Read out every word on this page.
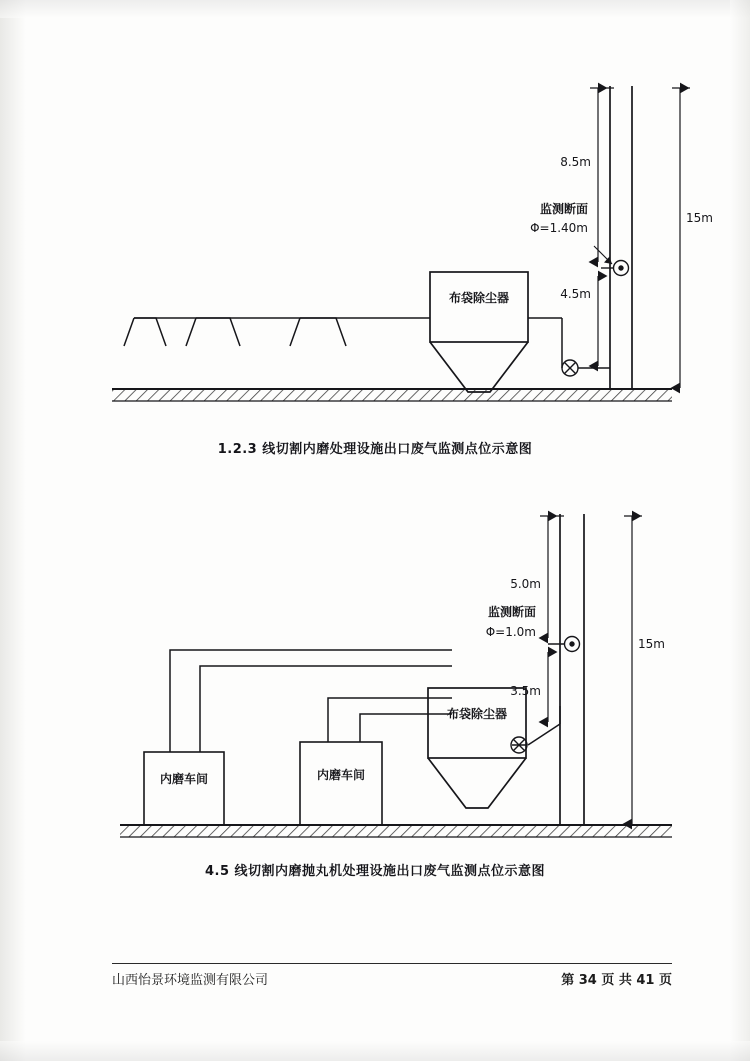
布袋除尘器
监测断面
Φ=1.40m
8.5m
4.5m
15m
1.2.3 线切割内磨处理设施出口废气监测点位示意图
内磨车间	内磨车间
布袋除尘器
监测断面
Φ=1.0m
5.0m
3.5m
15m
4.5 线切割内磨抛丸机处理设施出口废气监测点位示意图
山西怡景环境监测有限公司	第 34 页 共 41 页
